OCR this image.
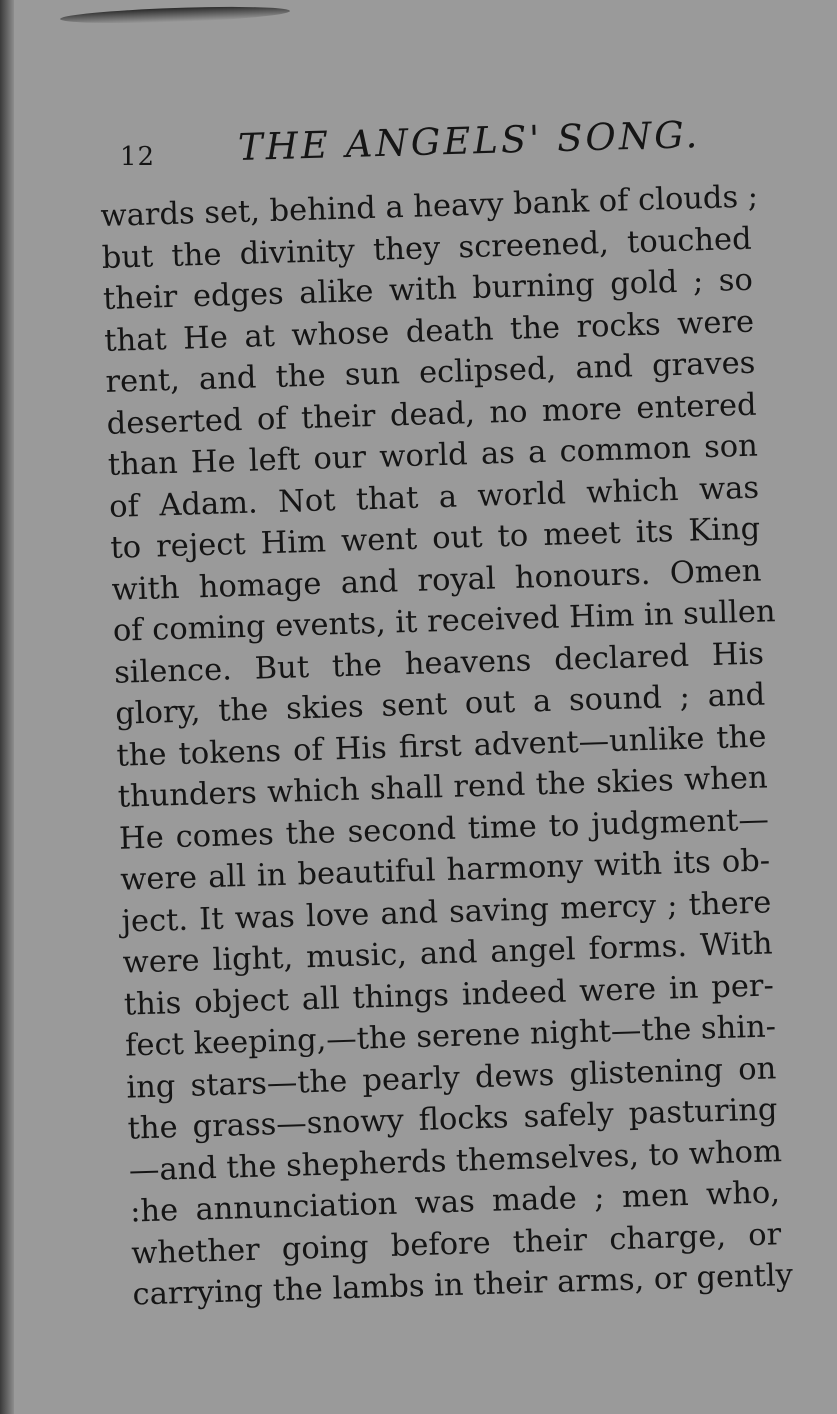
12 THE ANGELS' SONG.
wards set, behind a heavy bank of clouds ;
but the divinity they screened, touched
their edges alike with burning gold ; so
that He at whose death the rocks were
rent, and the sun eclipsed, and graves
deserted of their dead, no more entered
than He left our world as a common son
of Adam. Not that a world which was
to reject Him went out to meet its King
with homage and royal honours. Omen
of coming events, it received Him in sullen
silence. But the heavens declared His
glory, the skies sent out a sound ; and
the tokens of His first advent—unlike the
thunders which shall rend the skies when
He comes the second time to judgment—
were all in beautiful harmony with its ob-
ject. It was love and saving mercy ; there
were light, music, and angel forms. With
this object all things indeed were in per-
fect keeping,—the serene night—the shin-
ing stars—the pearly dews glistening on
the grass—snowy flocks safely pasturing
—and the shepherds themselves, to whom
:he annunciation was made ; men who,
whether going before their charge, or
carrying the lambs in their arms, or gently
